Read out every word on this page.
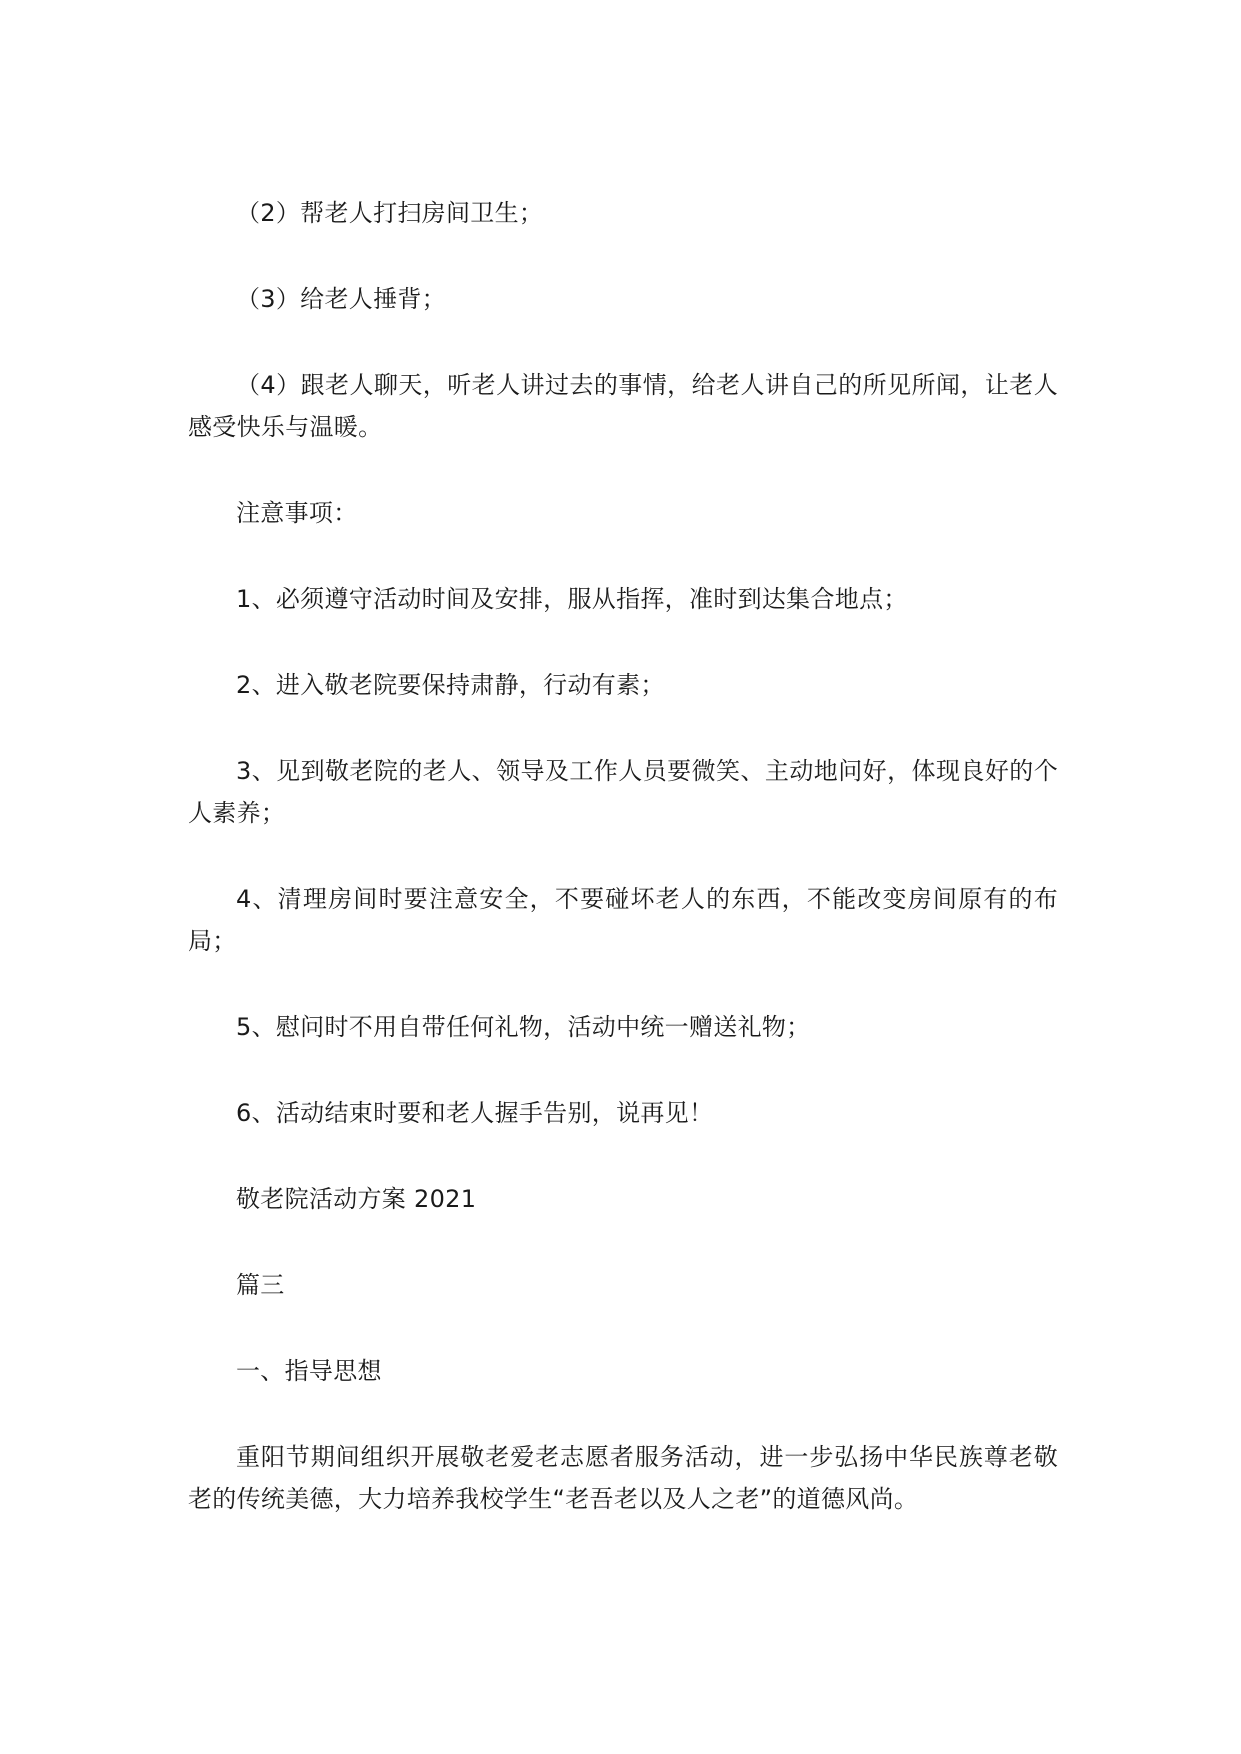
（2）帮老人打扫房间卫生；

（3）给老人捶背；

（4）跟老人聊天，听老人讲过去的事情，给老人讲自己的所见所闻，让老人感受快乐与温暖。

注意事项：

1、必须遵守活动时间及安排，服从指挥，准时到达集合地点；

2、进入敬老院要保持肃静，行动有素；

3、见到敬老院的老人、领导及工作人员要微笑、主动地问好，体现良好的个人素养；

4、清理房间时要注意安全，不要碰坏老人的东西，不能改变房间原有的布局；

5、慰问时不用自带任何礼物，活动中统一赠送礼物；

6、活动结束时要和老人握手告别，说再见！

敬老院活动方案 2021

篇三

一、指导思想

重阳节期间组织开展敬老爱老志愿者服务活动，进一步弘扬中华民族尊老敬老的传统美德，大力培养我校学生“老吾老以及人之老”的道德风尚。
